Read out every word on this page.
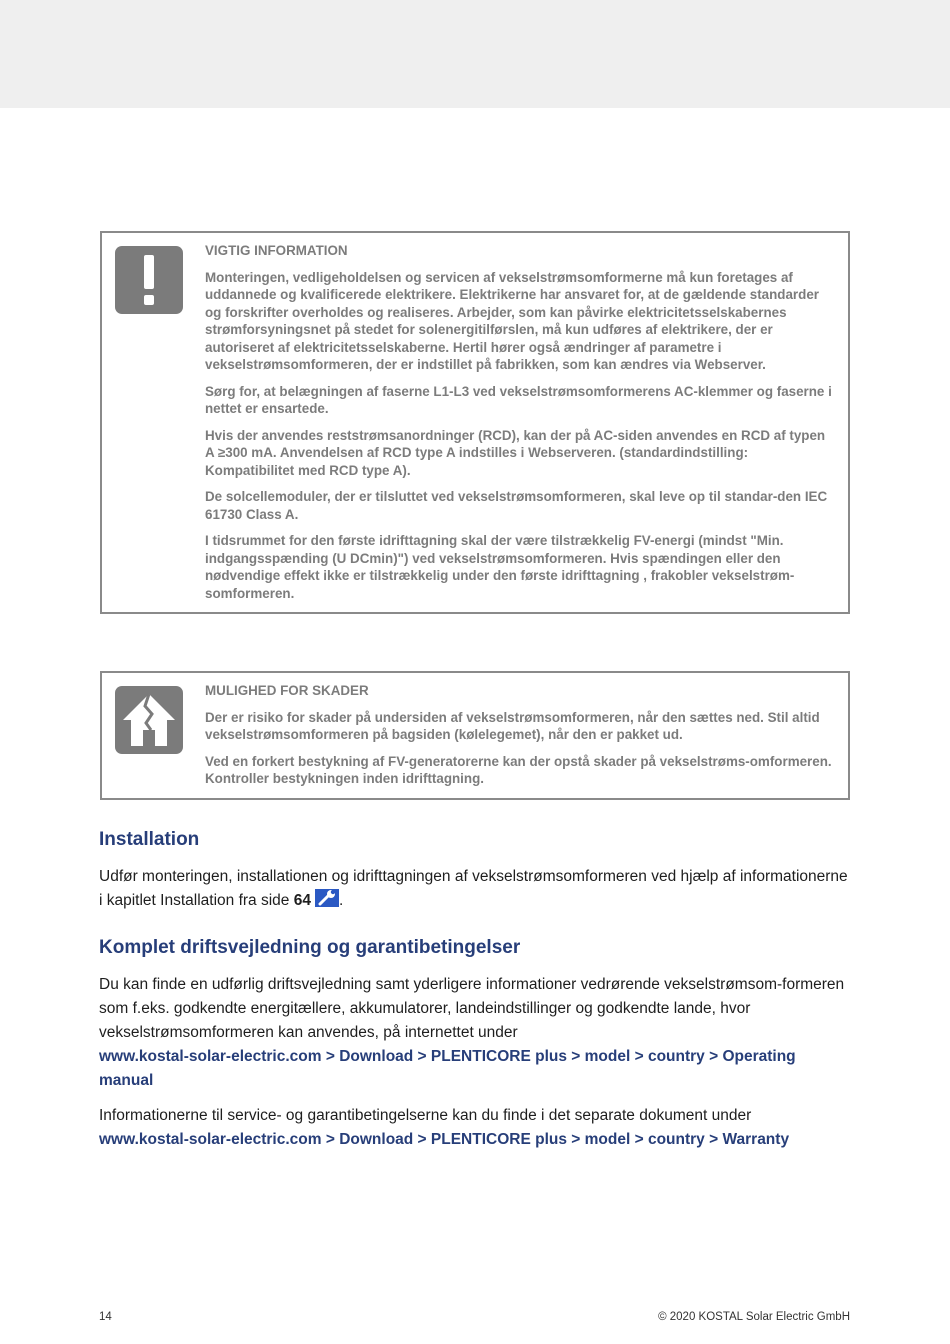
VIGTIG INFORMATION

Monteringen, vedligeholdelsen og servicen af vekselstrømsomformerne må kun foretages af uddannede og kvalificerede elektrikere. Elektrikerne har ansvaret for, at de gældende standarder og forskrifter overholdes og realiseres. Arbejder, som kan påvirke elektricitetsselskabernes strømforsyningsnet på stedet for solenergitilførslen, må kun udføres af elektrikere, der er autoriseret af elektricitetsselskaberne. Hertil hører også ændringer af parametre i vekselstrømsomformeren, der er indstillet på fabrikken, som kan ændres via Webserver.

Sørg for, at belægningen af faserne L1-L3 ved vekselstrømsomformerens AC-klemmer og faserne i nettet er ensartede.

Hvis der anvendes reststrømsanordninger (RCD), kan der på AC-siden anvendes en RCD af typen A ≥300 mA. Anvendelsen af RCD type A indstilles i Webserveren. (standardindstilling: Kompatibilitet med RCD type A).

De solcellemoduler, der er tilsluttet ved vekselstrømsomformeren, skal leve op til standar-den IEC 61730 Class A.

I tidsrummet for den første idrifttagning skal der være tilstrækkelig FV-energi (mindst "Min. indgangsspænding (U DCmin)") ved vekselstrømsomformeren. Hvis spændingen eller den nødvendige effekt ikke er tilstrækkelig under den første idrifttagning , frakobler vekselstrøm-somformeren.

MULIGHED FOR SKADER

Der er risiko for skader på undersiden af vekselstrømsomformeren, når den sættes ned. Stil altid vekselstrømsomformeren på bagsiden (kølelegemet), når den er pakket ud.

Ved en forkert bestykning af FV-generatorerne kan der opstå skader på vekselstrøms-omformeren. Kontroller bestykningen inden idrifttagning.

Installation
Udfør monteringen, installationen og idrifttagningen af vekselstrømsomformeren ved hjælp af informationerne i kapitlet Installation fra side 64 .
Komplet driftsvejledning og garantibetingelser
Du kan finde en udførlig driftsvejledning samt yderligere informationer vedrørende vekselstrømsom-formeren som f.eks. godkendte energitællere, akkumulatorer, landeindstillinger og godkendte lande, hvor vekselstrømsomformeren kan anvendes, på internettet under
www.kostal-solar-electric.com > Download > PLENTICORE plus > model > country > Operating manual
Informationerne til service- og garantibetingelserne kan du finde i det separate dokument under
www.kostal-solar-electric.com > Download > PLENTICORE plus > model > country > Warranty
14	© 2020 KOSTAL Solar Electric GmbH
